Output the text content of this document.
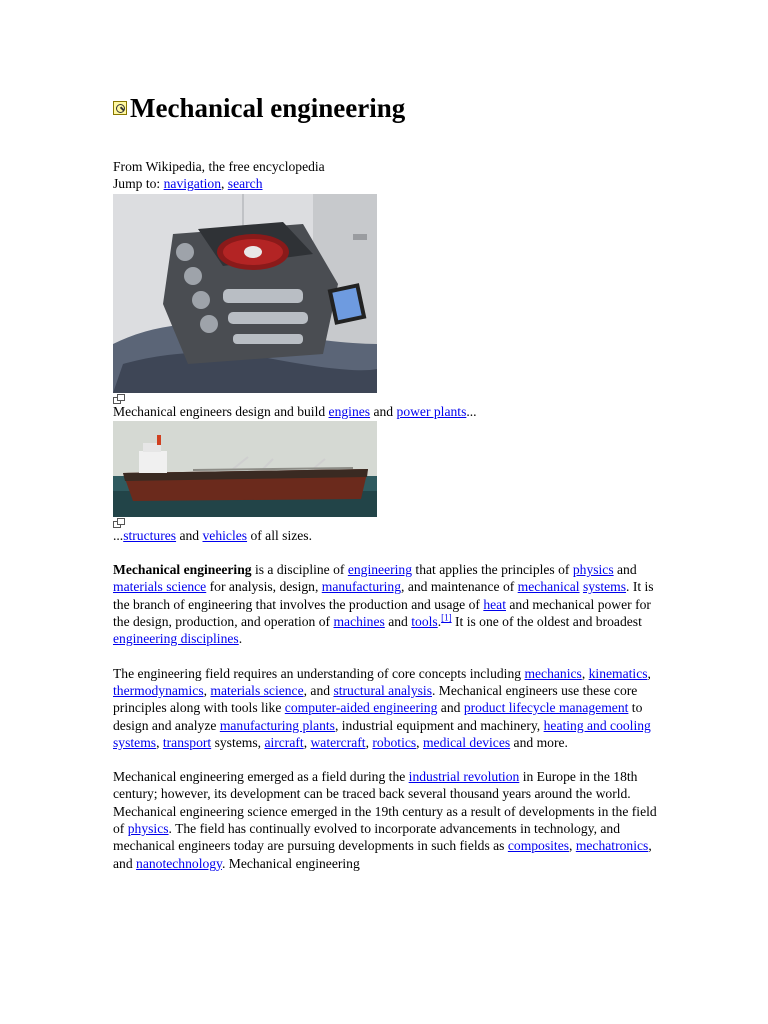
Mechanical engineering
From Wikipedia, the free encyclopedia
Jump to: navigation, search
Mechanical engineers design and build engines and power plants...
...structures and vehicles of all sizes.

Mechanical engineering is a discipline of engineering that applies the principles of physics and materials science for analysis, design, manufacturing, and maintenance of mechanical systems. It is the branch of engineering that involves the production and usage of heat and mechanical power for the design, production, and operation of machines and tools.[1] It is one of the oldest and broadest engineering disciplines.

The engineering field requires an understanding of core concepts including mechanics, kinematics, thermodynamics, materials science, and structural analysis. Mechanical engineers use these core principles along with tools like computer-aided engineering and product lifecycle management to design and analyze manufacturing plants, industrial equipment and machinery, heating and cooling systems, transport systems, aircraft, watercraft, robotics, medical devices and more.

Mechanical engineering emerged as a field during the industrial revolution in Europe in the 18th century; however, its development can be traced back several thousand years around the world. Mechanical engineering science emerged in the 19th century as a result of developments in the field of physics. The field has continually evolved to incorporate advancements in technology, and mechanical engineers today are pursuing developments in such fields as composites, mechatronics, and nanotechnology. Mechanical engineering
